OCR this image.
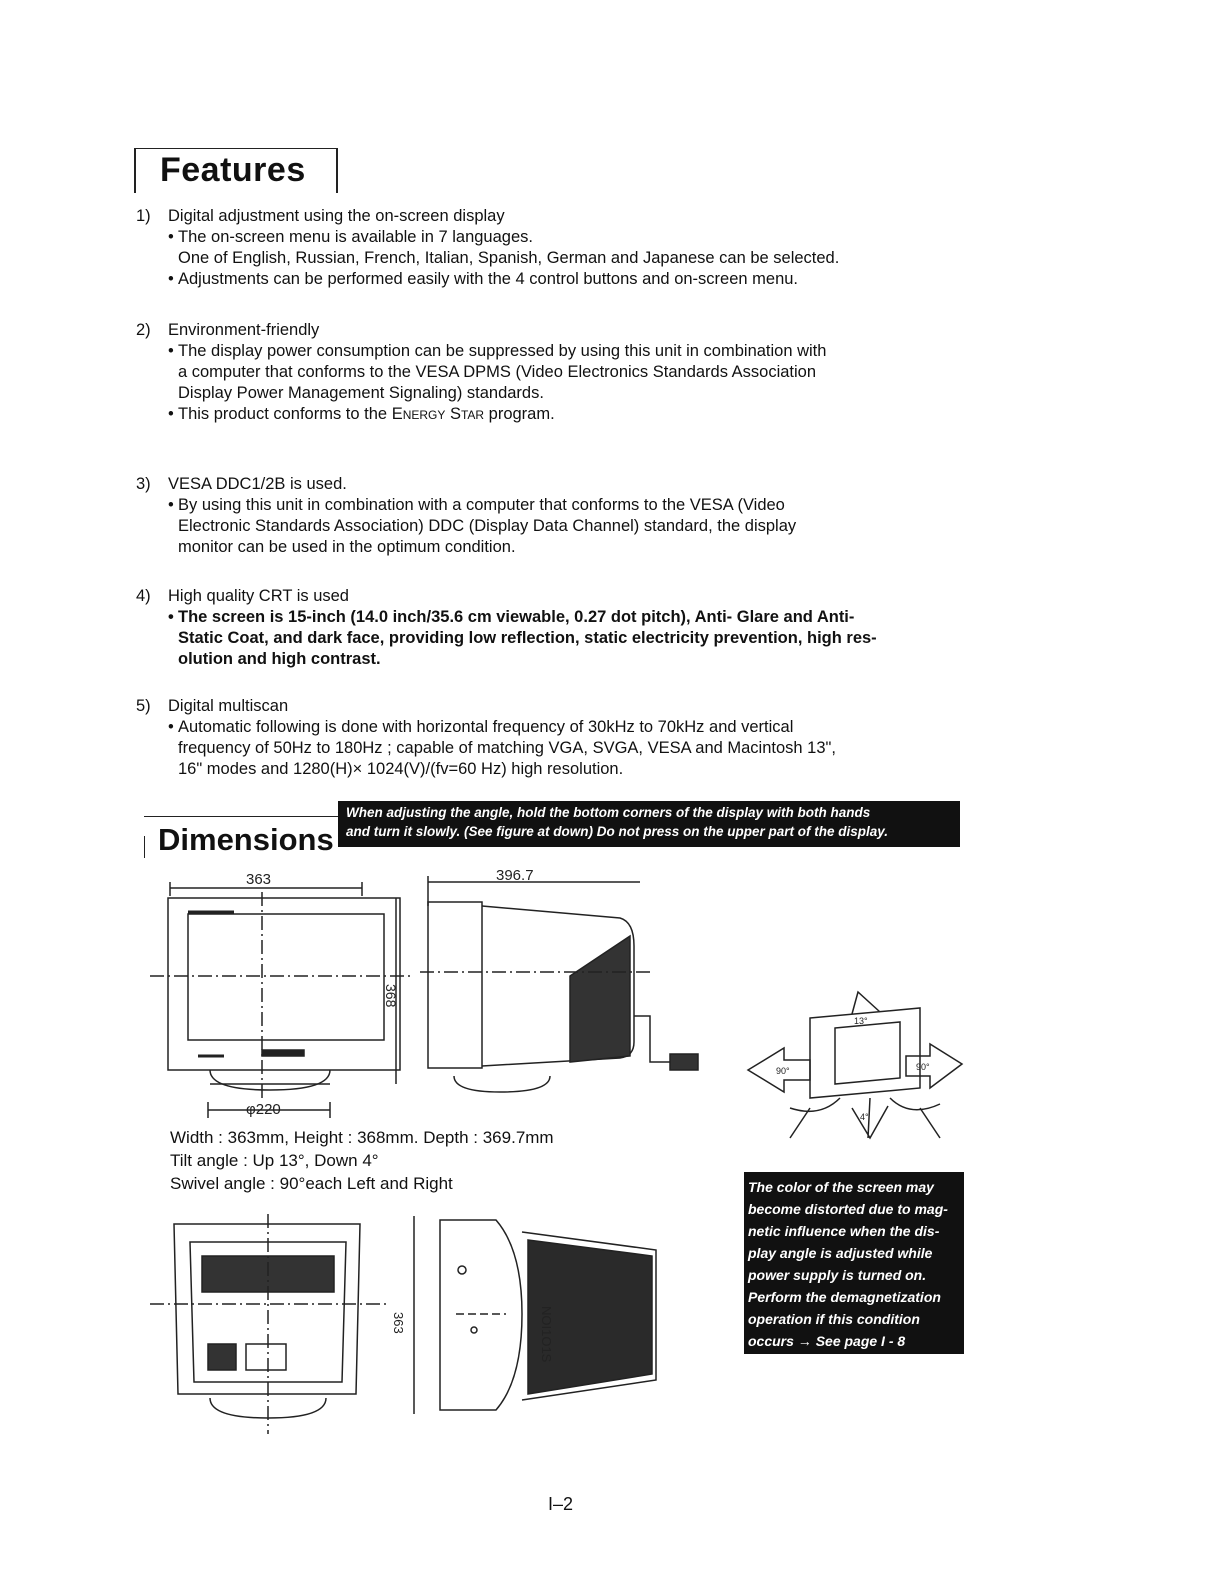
Features
1) Digital adjustment using the on-screen display
• The on-screen menu is available in 7 languages.
One of English, Russian, French, Italian, Spanish, German and Japanese can be selected.
• Adjustments can be performed easily with the 4 control buttons and on-screen menu.
2) Environment-friendly
• The display power consumption can be suppressed by using this unit in combination with
a computer that conforms to the VESA DPMS (Video Electronics Standards Association
Display Power Management Signaling) standards.
• This product conforms to the Energy Star program.
3) VESA DDC1/2B is used.
• By using this unit in combination with a computer that conforms to the VESA (Video
Electronic Standards Association) DDC (Display Data Channel) standard, the display
monitor can be used in the optimum condition.
4) High quality CRT is used
• The screen is 15-inch (14.0 inch/35.6 cm viewable, 0.27 dot pitch), Anti- Glare and Anti-
Static Coat, and dark face, providing low reflection, static electricity prevention, high res-
olution and high contrast.
5) Digital multiscan
• Automatic following is done with horizontal frequency of 30kHz to 70kHz and vertical
frequency of 50Hz to 180Hz ; capable of matching VGA, SVGA, VESA and Macintosh 13",
16" modes and 1280(H)× 1024(V)/(fv=60 Hz) high resolution.
Dimensions
When adjusting the angle, hold the bottom corners of the display with both hands
and turn it slowly. (See figure at down) Do not press on the upper part of the display.
363
368
φ220
396.7
Width : 363mm, Height : 368mm. Depth : 369.7mm
Tilt angle : Up 13°, Down 4°
Swivel angle : 90°each Left and Right
13°
4°
90°	90°
The color of the screen may
become distorted due to mag-
netic influence when the dis-
play angle is adjusted while
power supply is turned on.
Perform the demagnetization
operation if this condition
occurs → See page I - 8
363	NOI1O1S
I–2
